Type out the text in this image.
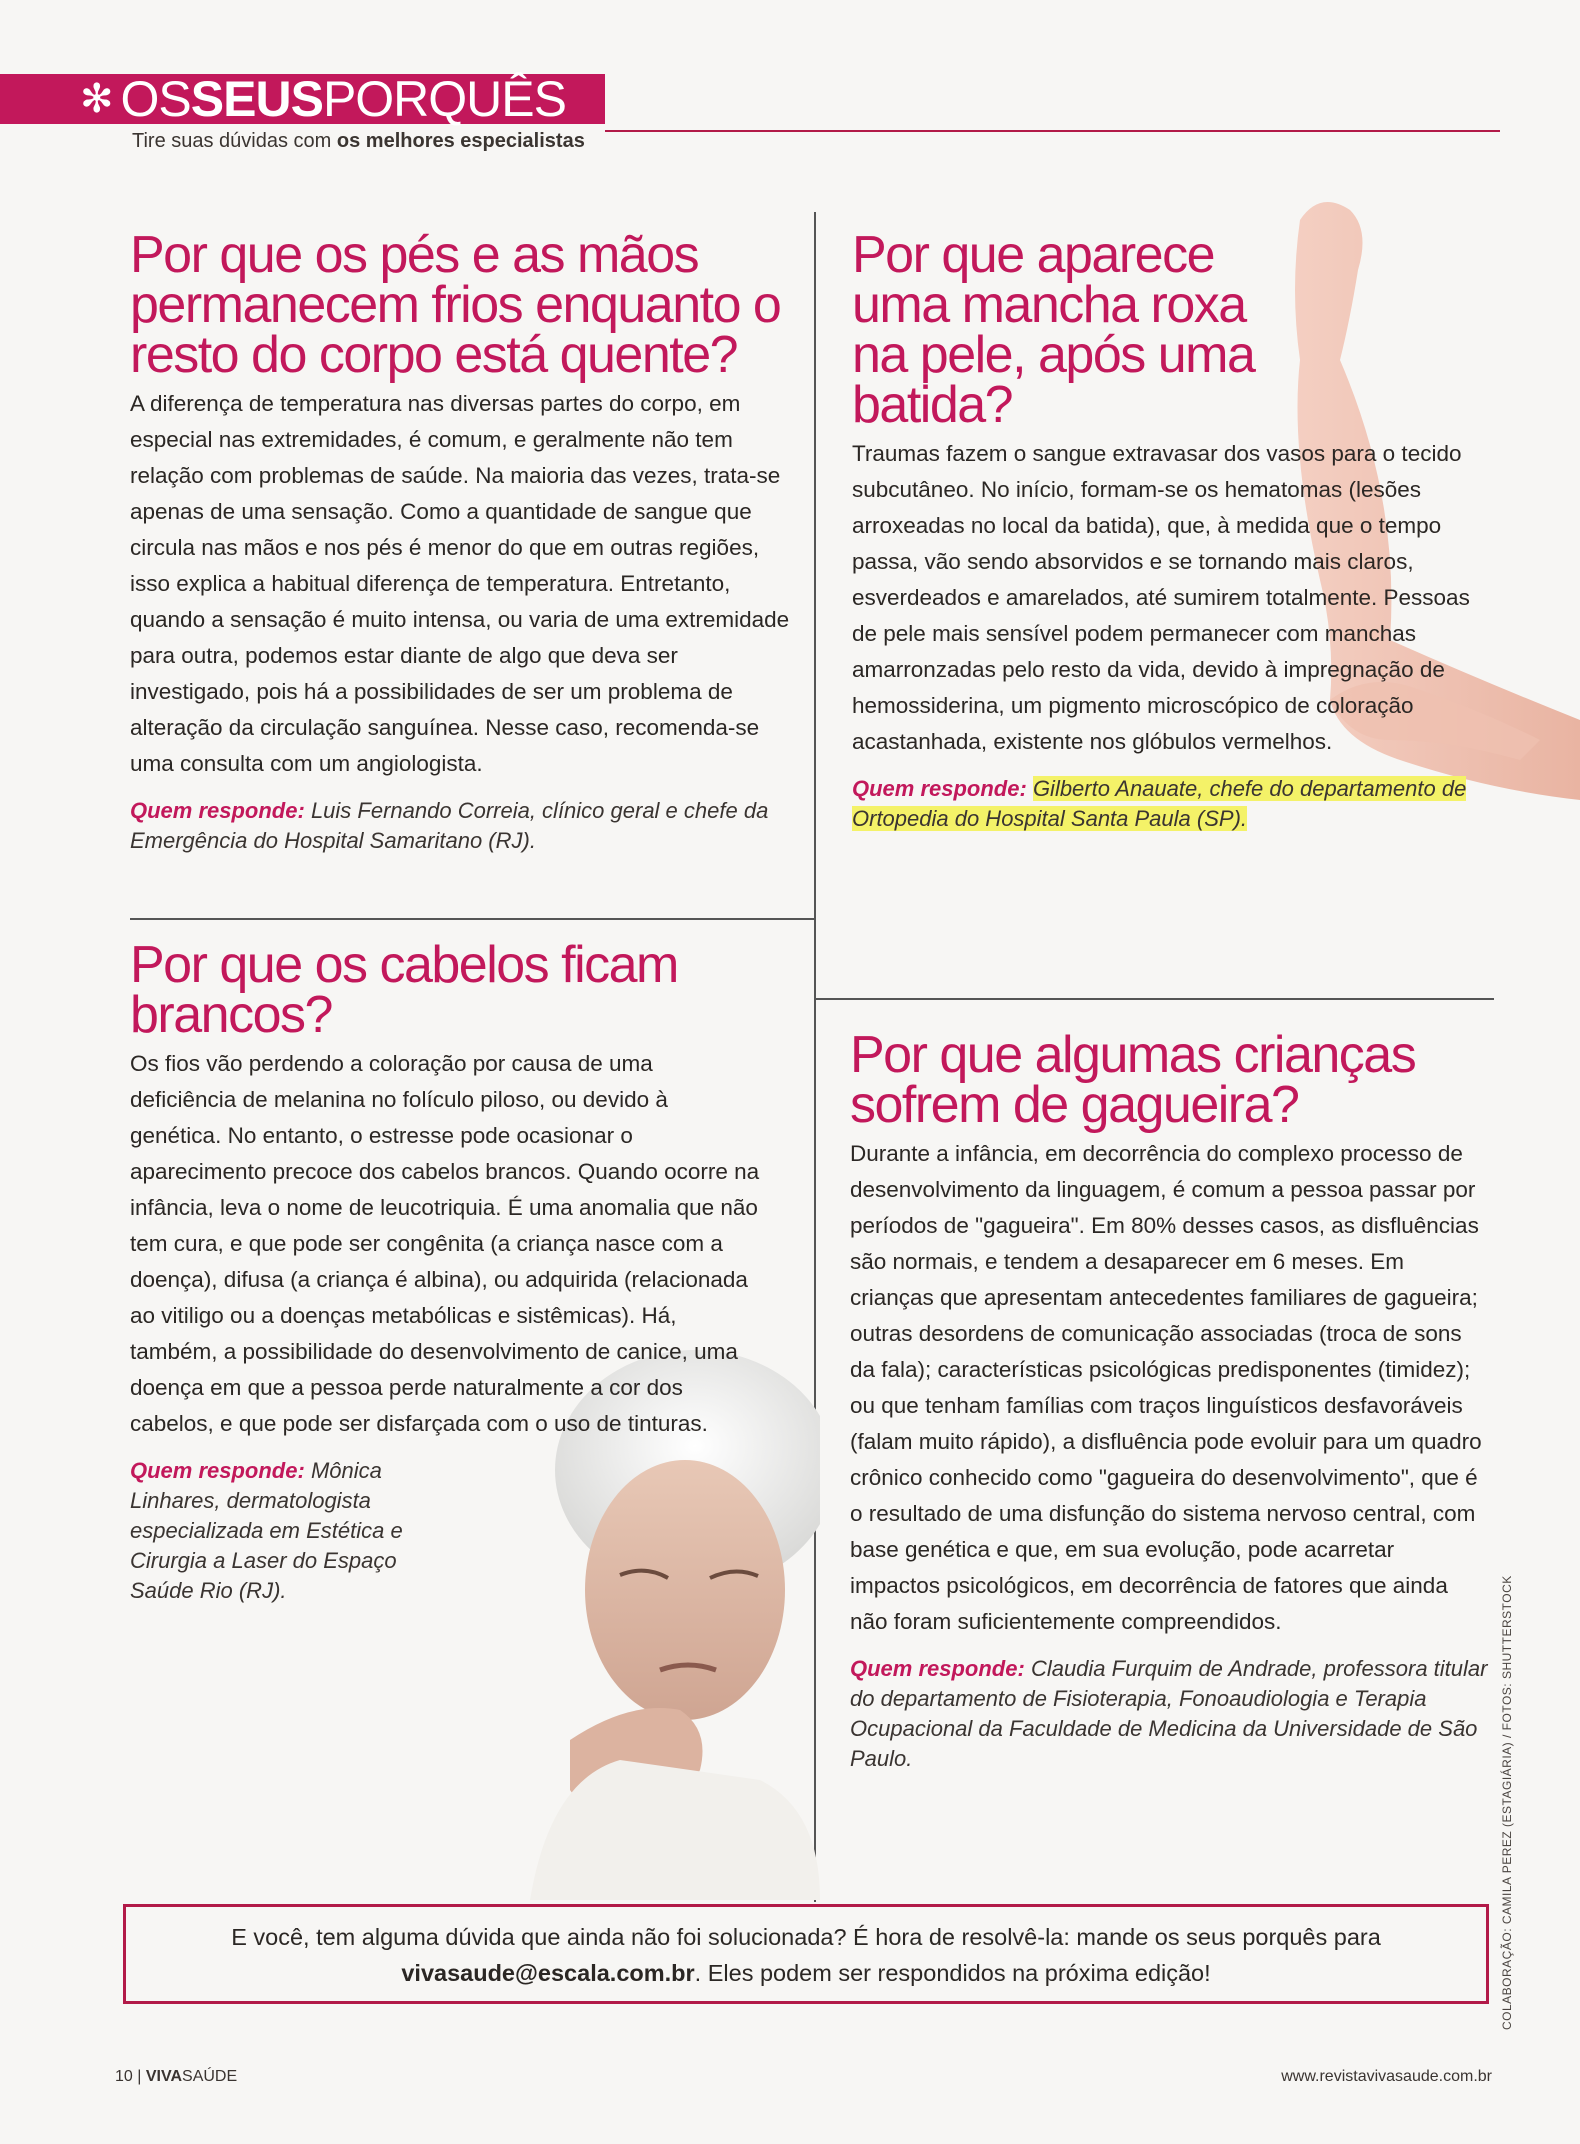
✻ OSSEUSPORQUÊS
Tire suas dúvidas com os melhores especialistas
Por que os pés e as mãos permanecem frios enquanto o resto do corpo está quente?

A diferença de temperatura nas diversas partes do corpo, em especial nas extremidades, é comum, e geralmente não tem relação com problemas de saúde. Na maioria das vezes, trata-se apenas de uma sensação. Como a quantidade de sangue que circula nas mãos e nos pés é menor do que em outras regiões, isso explica a habitual diferença de temperatura. Entretanto, quando a sensação é muito intensa, ou varia de uma extremidade para outra, podemos estar diante de algo que deva ser investigado, pois há a possibilidades de ser um problema de alteração da circulação sanguínea. Nesse caso, recomenda-se uma consulta com um angiologista.

Quem responde: Luis Fernando Correia, clínico geral e chefe da Emergência do Hospital Samaritano (RJ).

Por que os cabelos ficam brancos?

Os fios vão perdendo a coloração por causa de uma deficiência de melanina no folículo piloso, ou devido à genética. No entanto, o estresse pode ocasionar o aparecimento precoce dos cabelos brancos. Quando ocorre na infância, leva o nome de leucotriquia. É uma anomalia que não tem cura, e que pode ser congênita (a criança nasce com a doença), difusa (a criança é albina), ou adquirida (relacionada ao vitiligo ou a doenças metabólicas e sistêmicas). Há, também, a possibilidade do desenvolvimento de canice, uma doença em que a pessoa perde naturalmente a cor dos cabelos, e que pode ser disfarçada com o uso de tinturas.

Quem responde: Mônica Linhares, dermatologista especializada em Estética e Cirurgia a Laser do Espaço Saúde Rio (RJ).

Por que aparece uma mancha roxa na pele, após uma batida?

Traumas fazem o sangue extravasar dos vasos para o tecido subcutâneo. No início, formam-se os hematomas (lesões arroxeadas no local da batida), que, à medida que o tempo passa, vão sendo absorvidos e se tornando mais claros, esverdeados e amarelados, até sumirem totalmente. Pessoas de pele mais sensível podem permanecer com manchas amarronzadas pelo resto da vida, devido à impregnação de hemossiderina, um pigmento microscópico de coloração acastanhada, existente nos glóbulos vermelhos.

Quem responde: Gilberto Anauate, chefe do departamento de Ortopedia do Hospital Santa Paula (SP).

Por que algumas crianças sofrem de gagueira?

Durante a infância, em decorrência do complexo processo de desenvolvimento da linguagem, é comum a pessoa passar por períodos de "gagueira". Em 80% desses casos, as disfluências são normais, e tendem a desaparecer em 6 meses. Em crianças que apresentam antecedentes familiares de gagueira; outras desordens de comunicação associadas (troca de sons da fala); características psicológicas predisponentes (timidez); ou que tenham famílias com traços linguísticos desfavoráveis (falam muito rápido), a disfluência pode evoluir para um quadro crônico conhecido como "gagueira do desenvolvimento", que é o resultado de uma disfunção do sistema nervoso central, com base genética e que, em sua evolução, pode acarretar impactos psicológicos, em decorrência de fatores que ainda não foram suficientemente compreendidos.

Quem responde: Claudia Furquim de Andrade, professora titular do departamento de Fisioterapia, Fonoaudiologia e Terapia Ocupacional da Faculdade de Medicina da Universidade de São Paulo.

E você, tem alguma dúvida que ainda não foi solucionada? É hora de resolvê-la: mande os seus porquês para vivasaude@escala.com.br. Eles podem ser respondidos na próxima edição!	COLABORAÇÃO: CAMILA PEREZ (ESTAGIÁRIA) / FOTOS: SHUTTERSTOCK
10 | VIVASAÚDE	www.revistavivasaude.com.br
